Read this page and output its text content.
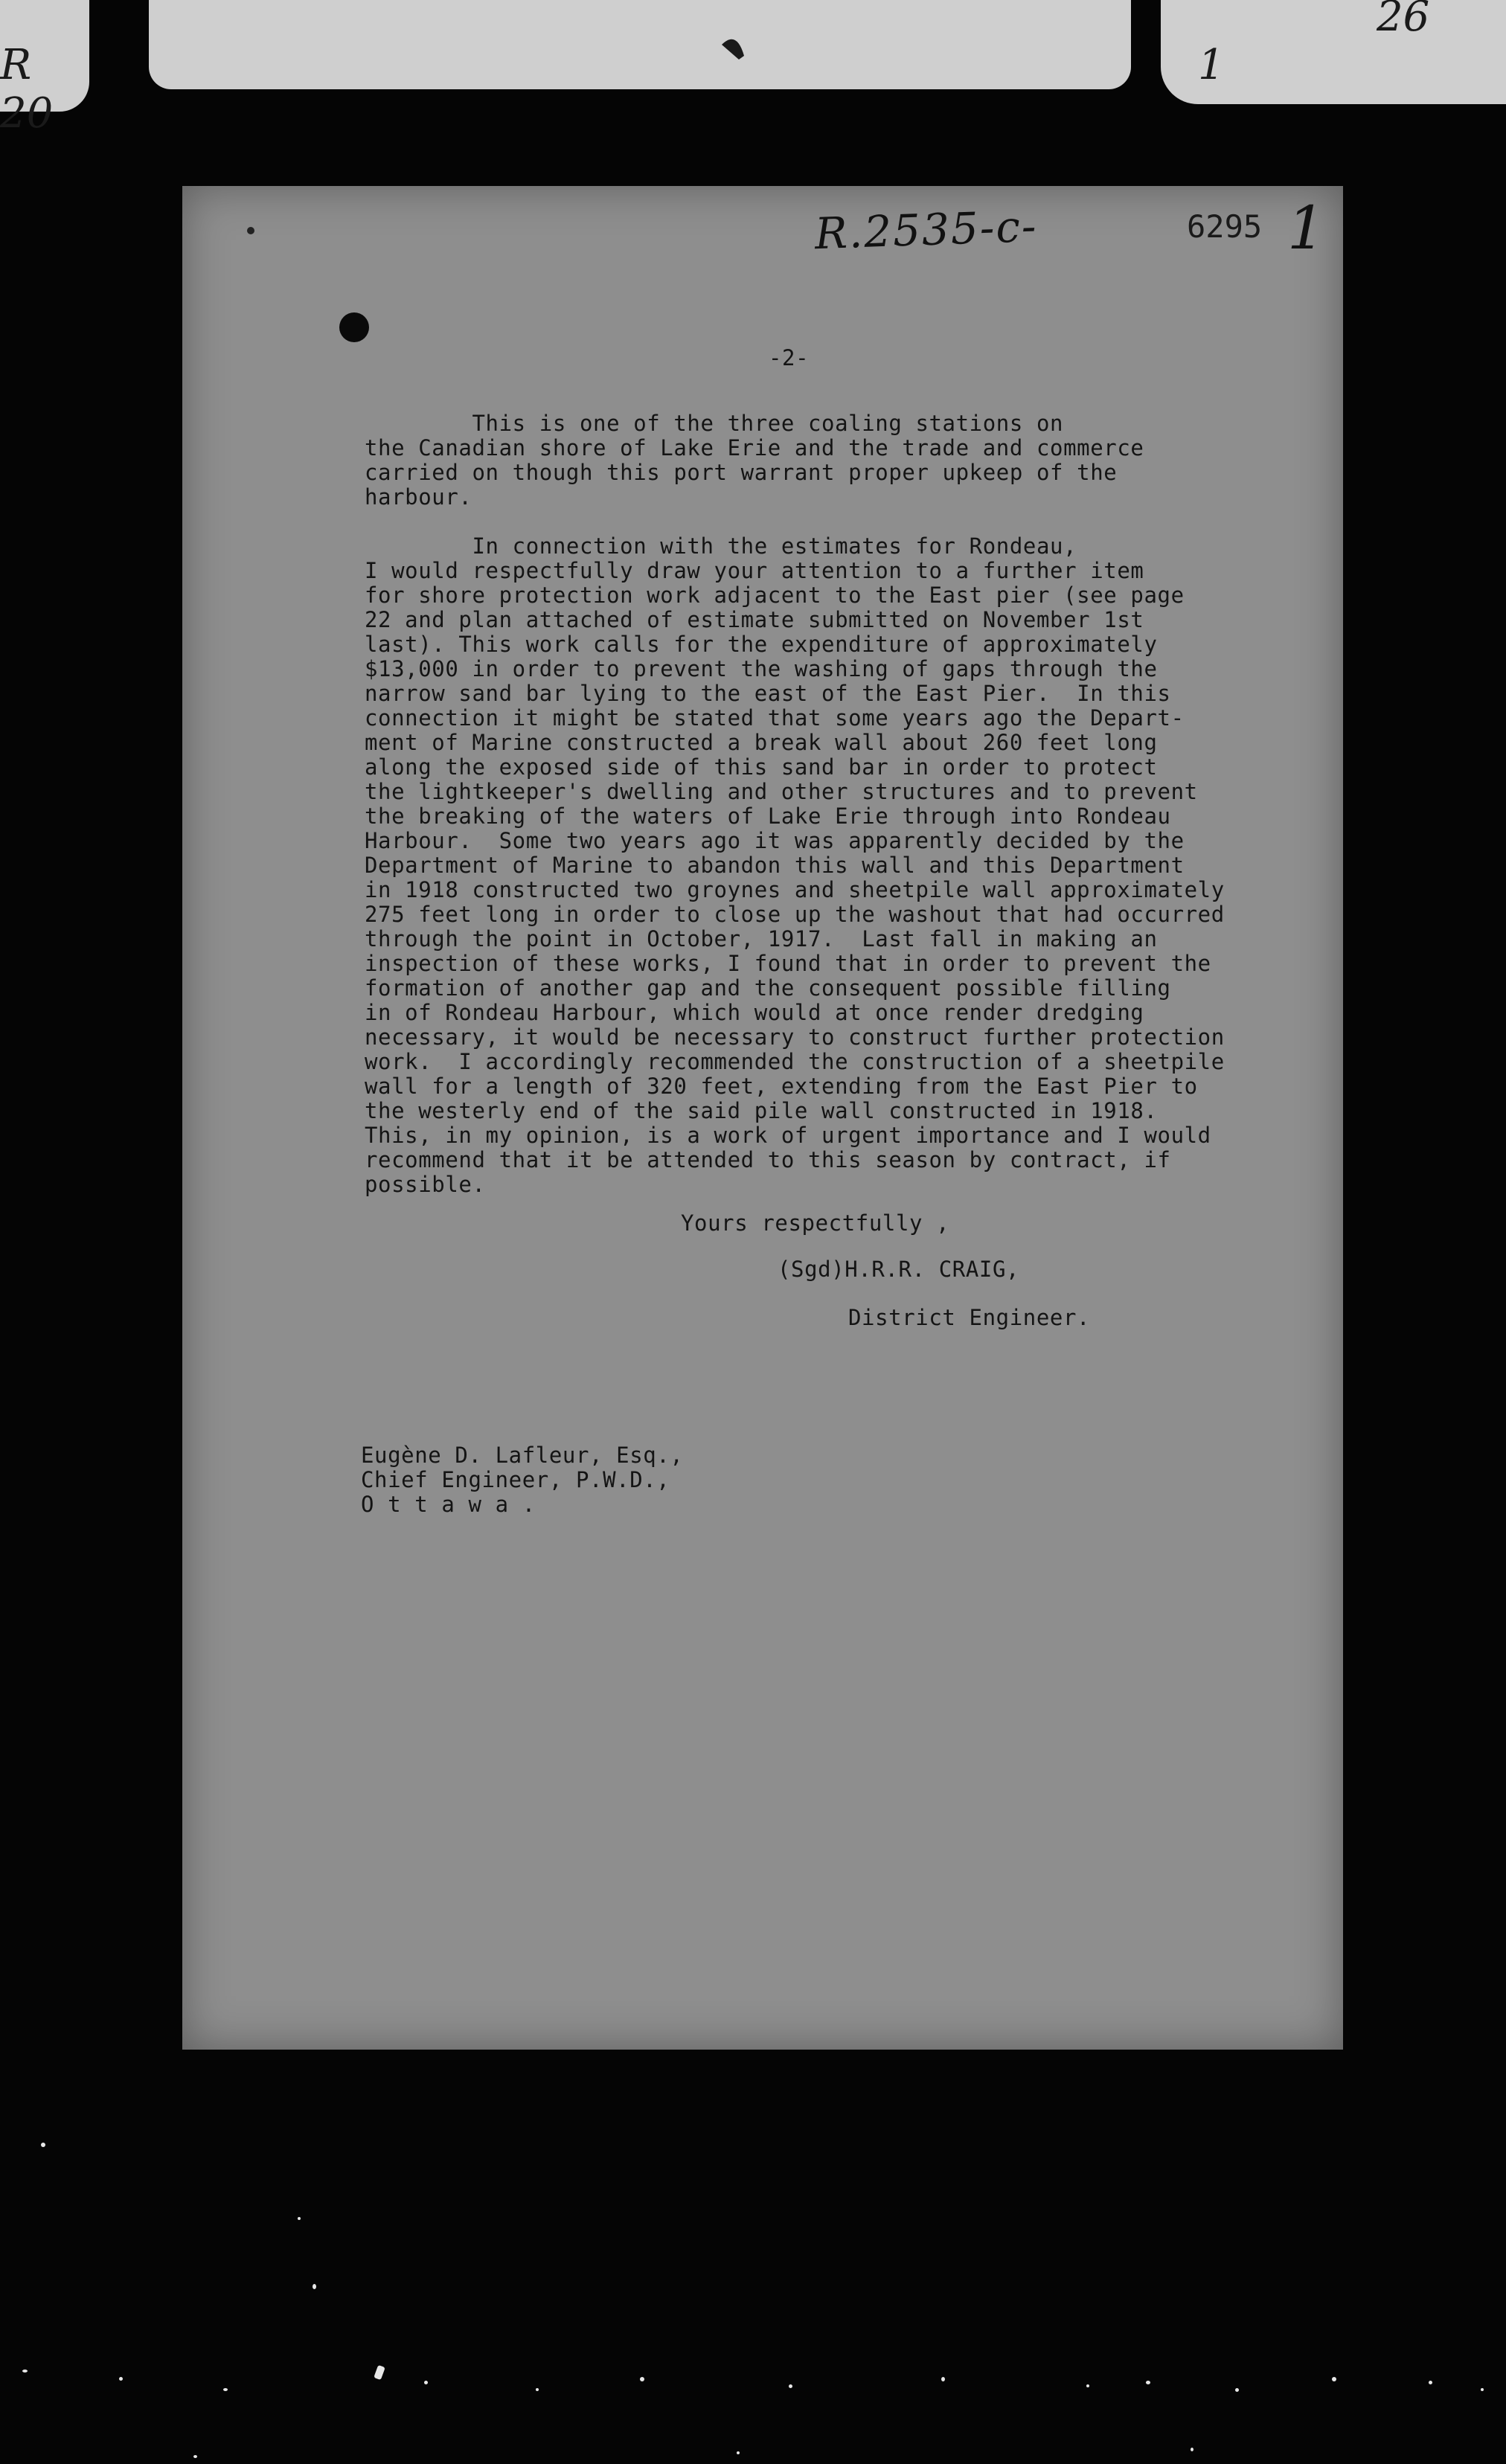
R 20
26
1
R.2535-c-	6295 1
-2-
This is one of the three coaling stations on
the Canadian shore of Lake Erie and the trade and commerce
carried on though this port warrant proper upkeep of the
harbour.
In connection with the estimates for Rondeau,
I would respectfully draw your attention to a further item
for shore protection work adjacent to the East pier (see page
22 and plan attached of estimate submitted on November 1st
last). This work calls for the expenditure of approximately
$13,000 in order to prevent the washing of gaps through the
narrow sand bar lying to the east of the East Pier.  In this
connection it might be stated that some years ago the Depart-
ment of Marine constructed a break wall about 260 feet long
along the exposed side of this sand bar in order to protect
the lightkeeper's dwelling and other structures and to prevent
the breaking of the waters of Lake Erie through into Rondeau
Harbour.  Some two years ago it was apparently decided by the
Department of Marine to abandon this wall and this Department
in 1918 constructed two groynes and sheetpile wall approximately
275 feet long in order to close up the washout that had occurred
through the point in October, 1917.  Last fall in making an
inspection of these works, I found that in order to prevent the
formation of another gap and the consequent possible filling
in of Rondeau Harbour, which would at once render dredging
necessary, it would be necessary to construct further protection
work.  I accordingly recommended the construction of a sheetpile
wall for a length of 320 feet, extending from the East Pier to
the westerly end of the said pile wall constructed in 1918.
This, in my opinion, is a work of urgent importance and I would
recommend that it be attended to this season by contract, if
possible.
Yours respectfully ,
(Sgd)H.R.R. CRAIG,
District Engineer.
Eugène D. Lafleur, Esq.,
Chief Engineer, P.W.D.,
O t t a w a .
